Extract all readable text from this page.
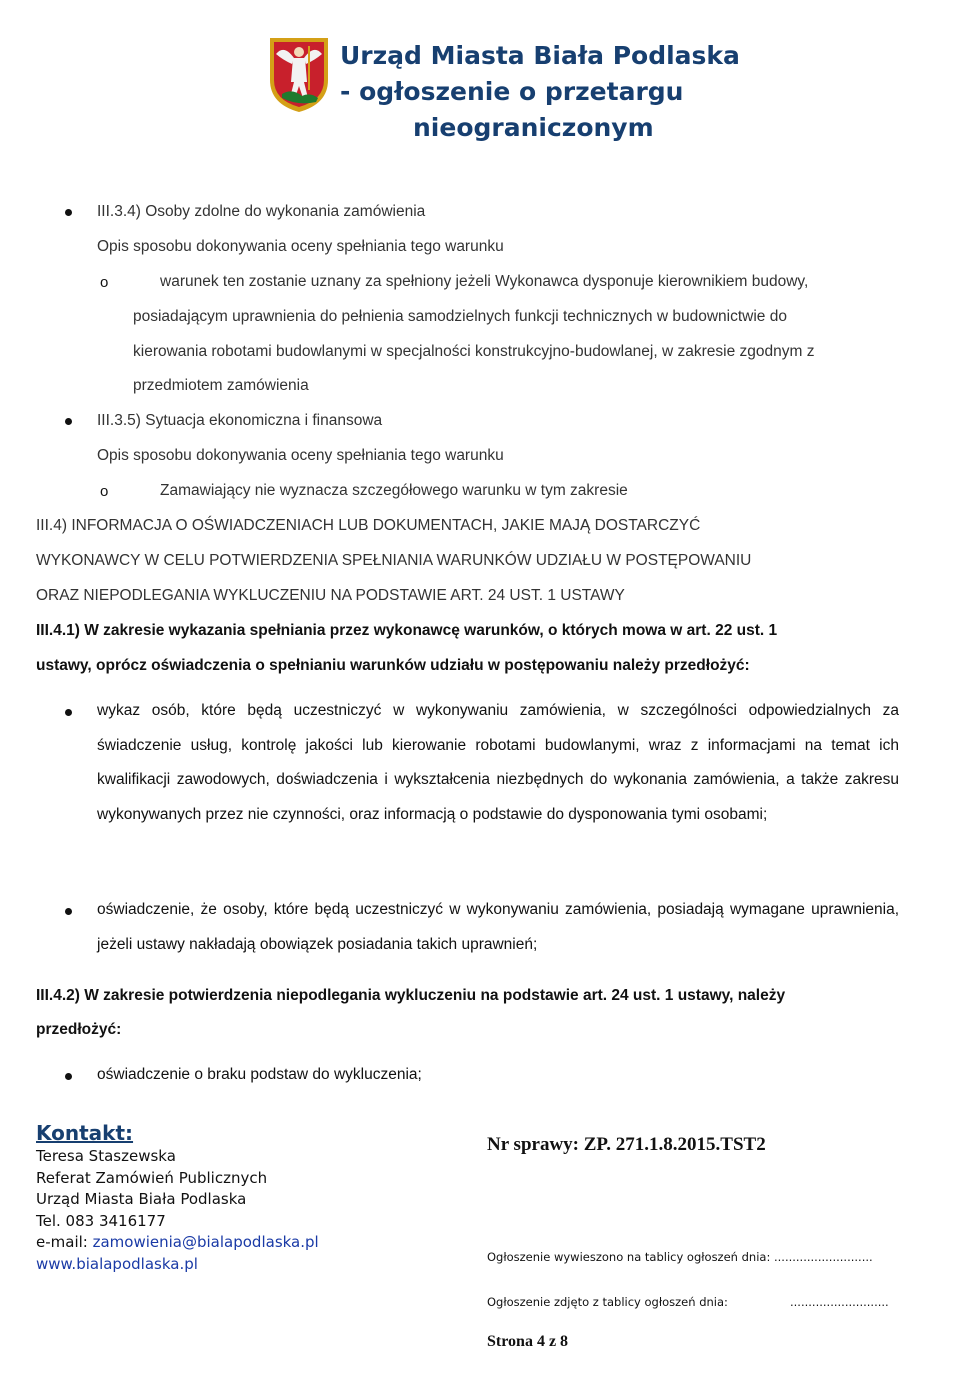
Urząd Miasta Biała Podlaska
- ogłoszenie o przetargu
nieograniczonym
III.3.4) Osoby zdolne do wykonania zamówienia
Opis sposobu dokonywania oceny spełniania tego warunku
o	warunek ten zostanie uznany za spełniony jeżeli Wykonawca dysponuje kierownikiem budowy,
posiadającym uprawnienia do pełnienia samodzielnych funkcji technicznych w budownictwie do
kierowania robotami budowlanymi w specjalności konstrukcyjno-budowlanej, w zakresie zgodnym z
przedmiotem zamówienia
III.3.5) Sytuacja ekonomiczna i finansowa
Opis sposobu dokonywania oceny spełniania tego warunku
o	Zamawiający nie wyznacza szczegółowego warunku w tym zakresie
III.4) INFORMACJA O OŚWIADCZENIACH LUB DOKUMENTACH, JAKIE MAJĄ DOSTARCZYĆ
WYKONAWCY W CELU POTWIERDZENIA SPEŁNIANIA WARUNKÓW UDZIAŁU W POSTĘPOWANIU
ORAZ NIEPODLEGANIA WYKLUCZENIU NA PODSTAWIE ART. 24 UST. 1 USTAWY
III.4.1) W zakresie wykazania spełniania przez wykonawcę warunków, o których mowa w art. 22 ust. 1
ustawy, oprócz oświadczenia o spełnianiu warunków udziału w postępowaniu należy przedłożyć:
wykaz osób, które będą uczestniczyć w wykonywaniu zamówienia, w szczególności odpowiedzialnych za świadczenie usług, kontrolę jakości lub kierowanie robotami budowlanymi, wraz z informacjami na temat ich kwalifikacji zawodowych, doświadczenia i wykształcenia niezbędnych do wykonania zamówienia, a także zakresu wykonywanych przez nie czynności, oraz informacją o podstawie do dysponowania tymi osobami;
oświadczenie, że osoby, które będą uczestniczyć w wykonywaniu zamówienia, posiadają wymagane uprawnienia, jeżeli ustawy nakładają obowiązek posiadania takich uprawnień;
III.4.2) W zakresie potwierdzenia niepodlegania wykluczeniu na podstawie art. 24 ust. 1 ustawy, należy
przedłożyć:
oświadczenie o braku podstaw do wykluczenia;
Kontakt:
Teresa Staszewska
Referat Zamówień Publicznych
Urząd Miasta Biała Podlaska
Tel. 083 3416177
e-mail: zamowienia@bialapodlaska.pl
www.bialapodlaska.pl
Nr sprawy: ZP. 271.1.8.2015.TST2
Ogłoszenie wywieszono na tablicy ogłoszeń dnia: ...........................
Ogłoszenie zdjęto z tablicy ogłoszeń dnia:	...........................
Strona 4 z 8
